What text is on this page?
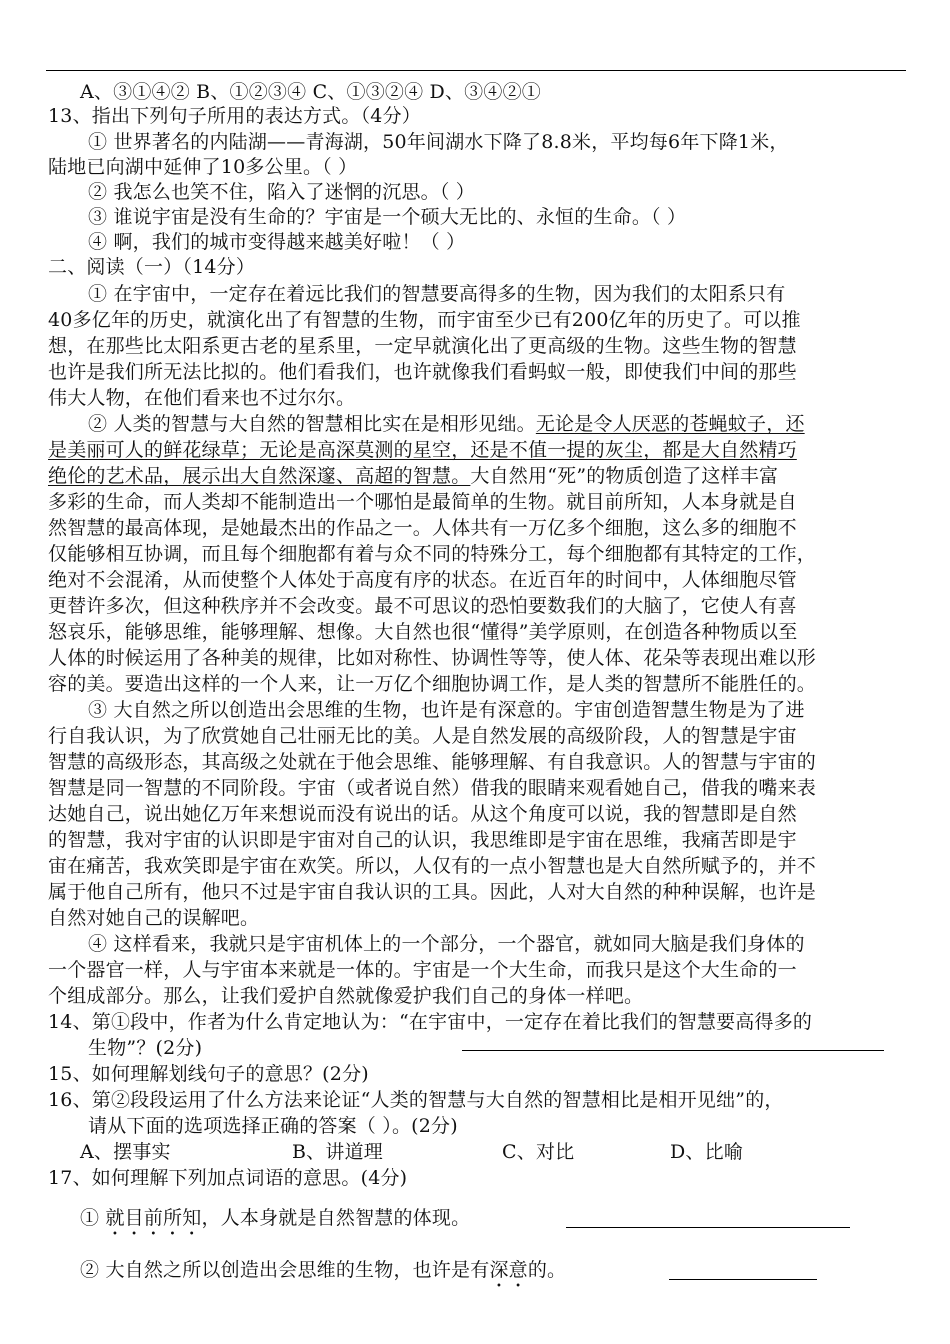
A、③①④② B、①②③④ C、①③②④ D、③④②①
13、指出下列句子所用的表达方式。（4分）
① 世界著名的内陆湖——青海湖，50年间湖水下降了8.8米，平均每6年下降1米，
陆地已向湖中延伸了10多公里。（ ）
② 我怎么也笑不住，陷入了迷惘的沉思。（ ）
③ 谁说宇宙是没有生命的？宇宙是一个硕大无比的、永恒的生命。（ ）
④ 啊，我们的城市变得越来越美好啦！（ ）
二、阅读（一）（14分）
① 在宇宙中，一定存在着远比我们的智慧要高得多的生物，因为我们的太阳系只有
40多亿年的历史，就演化出了有智慧的生物，而宇宙至少已有200亿年的历史了。可以推
想，在那些比太阳系更古老的星系里，一定早就演化出了更高级的生物。这些生物的智慧
也许是我们所无法比拟的。他们看我们，也许就像我们看蚂蚁一般，即使我们中间的那些
伟大人物，在他们看来也不过尔尔。
② 人类的智慧与大自然的智慧相比实在是相形见绌。无论是令人厌恶的苍蝇蚊子，还
是美丽可人的鲜花绿草；无论是高深莫测的星空，还是不值一提的灰尘，都是大自然精巧
绝伦的艺术品，展示出大自然深邃、高超的智慧。大自然用“死”的物质创造了这样丰富
多彩的生命，而人类却不能制造出一个哪怕是最简单的生物。就目前所知，人本身就是自
然智慧的最高体现，是她最杰出的作品之一。人体共有一万亿多个细胞，这么多的细胞不
仅能够相互协调，而且每个细胞都有着与众不同的特殊分工，每个细胞都有其特定的工作，
绝对不会混淆，从而使整个人体处于高度有序的状态。在近百年的时间中，人体细胞尽管
更替许多次，但这种秩序并不会改变。最不可思议的恐怕要数我们的大脑了，它使人有喜
怒哀乐，能够思维，能够理解、想像。大自然也很“懂得”美学原则，在创造各种物质以至
人体的时候运用了各种美的规律，比如对称性、协调性等等，使人体、花朵等表现出难以形
容的美。要造出这样的一个人来，让一万亿个细胞协调工作，是人类的智慧所不能胜任的。
③ 大自然之所以创造出会思维的生物，也许是有深意的。宇宙创造智慧生物是为了进
行自我认识，为了欣赏她自己壮丽无比的美。人是自然发展的高级阶段，人的智慧是宇宙
智慧的高级形态，其高级之处就在于他会思维、能够理解、有自我意识。人的智慧与宇宙的
智慧是同一智慧的不同阶段。宇宙（或者说自然）借我的眼睛来观看她自己，借我的嘴来表
达她自己，说出她亿万年来想说而没有说出的话。从这个角度可以说，我的智慧即是自然
的智慧，我对宇宙的认识即是宇宙对自己的认识，我思维即是宇宙在思维，我痛苦即是宇
宙在痛苦，我欢笑即是宇宙在欢笑。所以，人仅有的一点小智慧也是大自然所赋予的，并不
属于他自己所有，他只不过是宇宙自我认识的工具。因此，人对大自然的种种误解，也许是
自然对她自己的误解吧。
④ 这样看来，我就只是宇宙机体上的一个部分，一个器官，就如同大脑是我们身体的
一个器官一样，人与宇宙本来就是一体的。宇宙是一个大生命，而我只是这个大生命的一
个组成部分。那么，让我们爱护自然就像爱护我们自己的身体一样吧。
14、第①段中，作者为什么肯定地认为：“在宇宙中，一定存在着比我们的智慧要高得多的
生物”？(2分)
15、如何理解划线句子的意思？(2分)
16、第②段段运用了什么方法来论证“人类的智慧与大自然的智慧相比是相开见绌”的，
请从下面的选项选择正确的答案（ ）。(2分)
A、摆事实	B、讲道理	C、对比	D、比喻
17、如何理解下列加点词语的意思。(4分)
① 就目前所知，人本身就是自然智慧的体现。
② 大自然之所以创造出会思维的生物，也许是有深意的。
